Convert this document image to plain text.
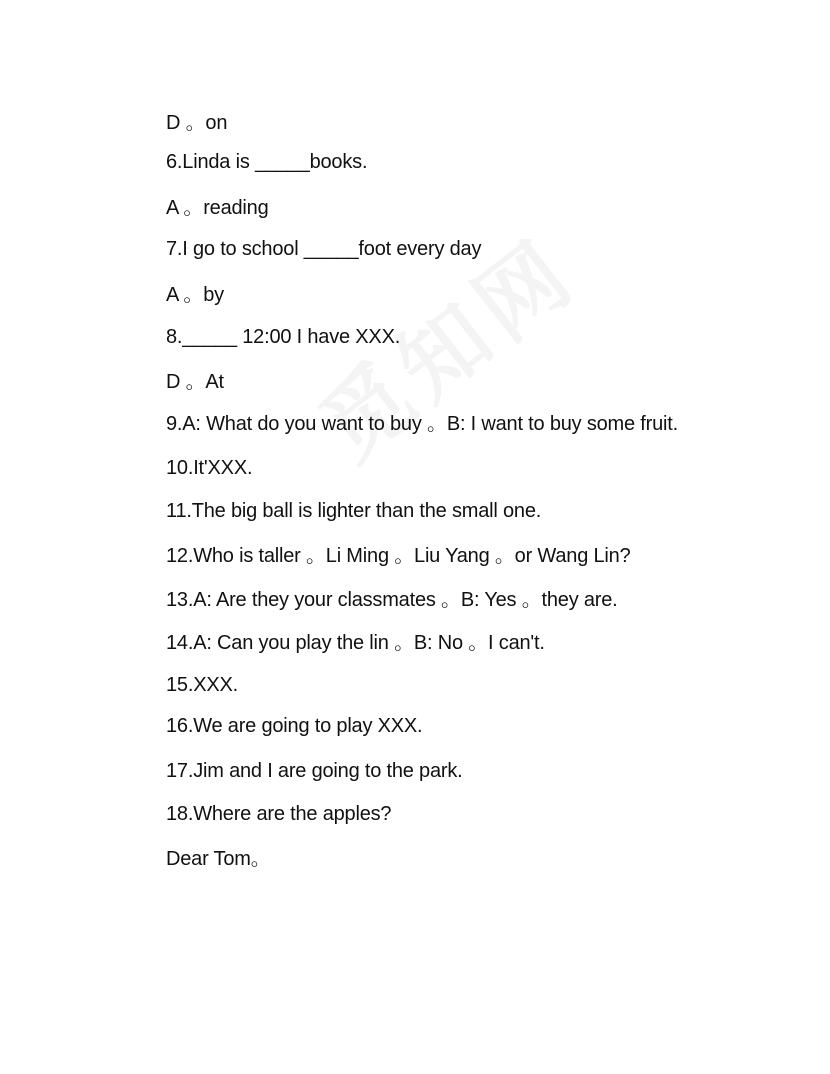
D 。on

6.Linda is _____books.

A 。reading

7.I go to school _____foot every day

A 。by

8._____ 12:00 I have XXX.

D 。At

9.A: What do you want to buy 。B: I want to buy some fruit.

10.It'XXX.

11.The big ball is lighter than the small one.

12.Who is taller 。Li Ming 。Liu Yang 。or Wang Lin?

13.A: Are they your classmates 。B: Yes 。they are.

14.A: Can you play the lin 。B: No 。I can't.

15.XXX.

16.We are going to play XXX.

17.Jim and I are going to the park.

18.Where are the apples?

Dear Tom。
